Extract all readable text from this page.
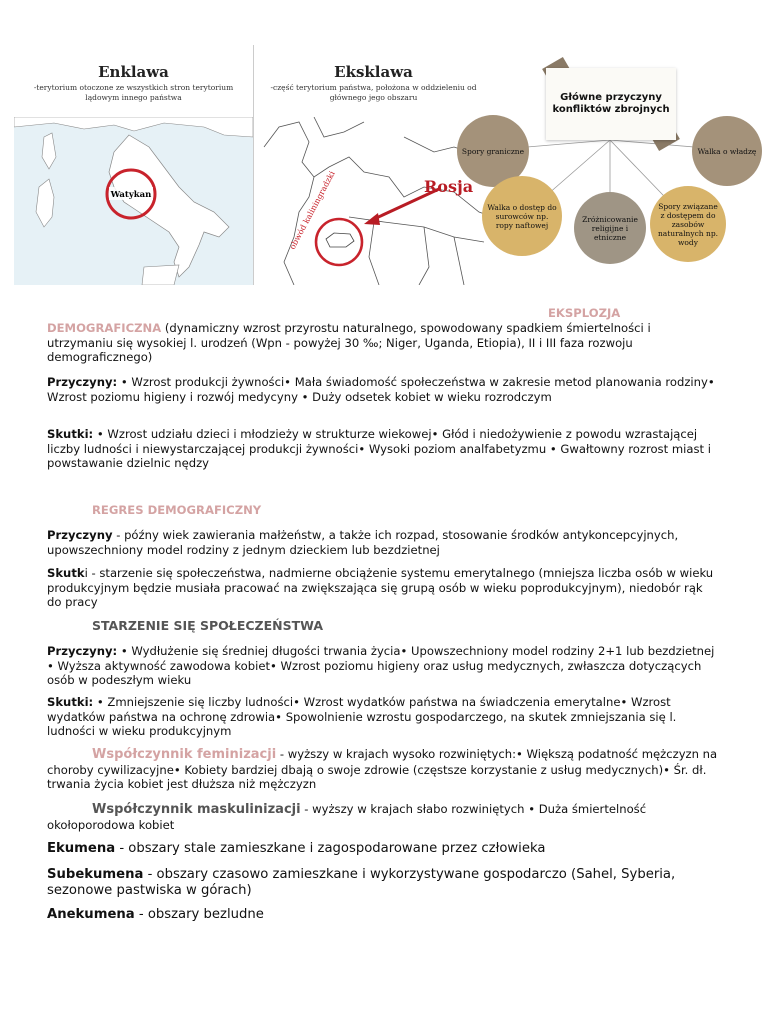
Enklawa
-terytorium otoczone ze wszystkich stron terytorium lądowym innego państwa
Watykan
Eksklawa
-część terytorium państwa, położona w oddzieleniu od głównego jego obszaru
obwód kaliningradzki	Rosja
Główne przyczyny konfliktów zbrojnych
Spory graniczne	Walka o władzę
Walka o dostęp do surowców np. ropy naftowej
Zróżnicowanie religijne i etniczne
Spory związane z dostępem do zasobów naturalnych np. wody
EKSPLOZJA
DEMOGRAFICZNA (dynamiczny wzrost przyrostu naturalnego, spowodowany spadkiem śmiertelności i utrzymaniu się wysokiej l. urodzeń (Wpn - powyżej 30 ‰; Niger, Uganda, Etiopia), II i III faza rozwoju demograficznego)
Przyczyny: • Wzrost produkcji żywności• Mała świadomość społeczeństwa w zakresie metod planowania rodziny• Wzrost poziomu higieny i rozwój medycyny • Duży odsetek kobiet w wieku rozrodczym
Skutki: • Wzrost udziału dzieci i młodzieży w strukturze wiekowej• Głód i niedożywienie z powodu wzrastającej liczby ludności i niewystarczającej produkcji żywności• Wysoki poziom analfabetyzmu • Gwałtowny rozrost miast i powstawanie dzielnic nędzy
REGRES DEMOGRAFICZNY
Przyczyny - późny wiek zawierania małżeństw, a także ich rozpad, stosowanie środków antykoncepcyjnych, upowszechniony model rodziny z jednym dzieckiem lub bezdzietnej
Skutki - starzenie się społeczeństwa, nadmierne obciążenie systemu emerytalnego (mniejsza liczba osób w wieku produkcyjnym będzie musiała pracować na zwiększająca się grupą osób w wieku poprodukcyjnym), niedobór rąk do pracy
STARZENIE SIĘ SPOŁECZEŃSTWA
Przyczyny: • Wydłużenie się średniej długości trwania życia• Upowszechniony model rodziny 2+1 lub bezdzietnej • Wyższa aktywność zawodowa kobiet• Wzrost poziomu higieny oraz usług medycznych, zwłaszcza dotyczących osób w podeszłym wieku
Skutki: • Zmniejszenie się liczby ludności• Wzrost wydatków państwa na świadczenia emerytalne• Wzrost wydatków państwa na ochronę zdrowia• Spowolnienie wzrostu gospodarczego, na skutek zmniejszania się l. ludności w wieku produkcyjnym
Współczynnik feminizacji - wyższy w krajach wysoko rozwiniętych:• Większą podatność mężczyzn na choroby cywilizacyjne• Kobiety bardziej dbają o swoje zdrowie (częstsze korzystanie z usług medycznych)• Śr. dł. trwania życia kobiet jest dłuższa niż mężczyzn
Współczynnik maskulinizacji - wyższy w krajach słabo rozwiniętych • Duża śmiertelność okołoporodowa kobiet
Ekumena - obszary stale zamieszkane i zagospodarowane przez człowieka
Subekumena - obszary czasowo zamieszkane i wykorzystywane gospodarczo (Sahel, Syberia, sezonowe pastwiska w górach)
Anekumena - obszary bezludne
